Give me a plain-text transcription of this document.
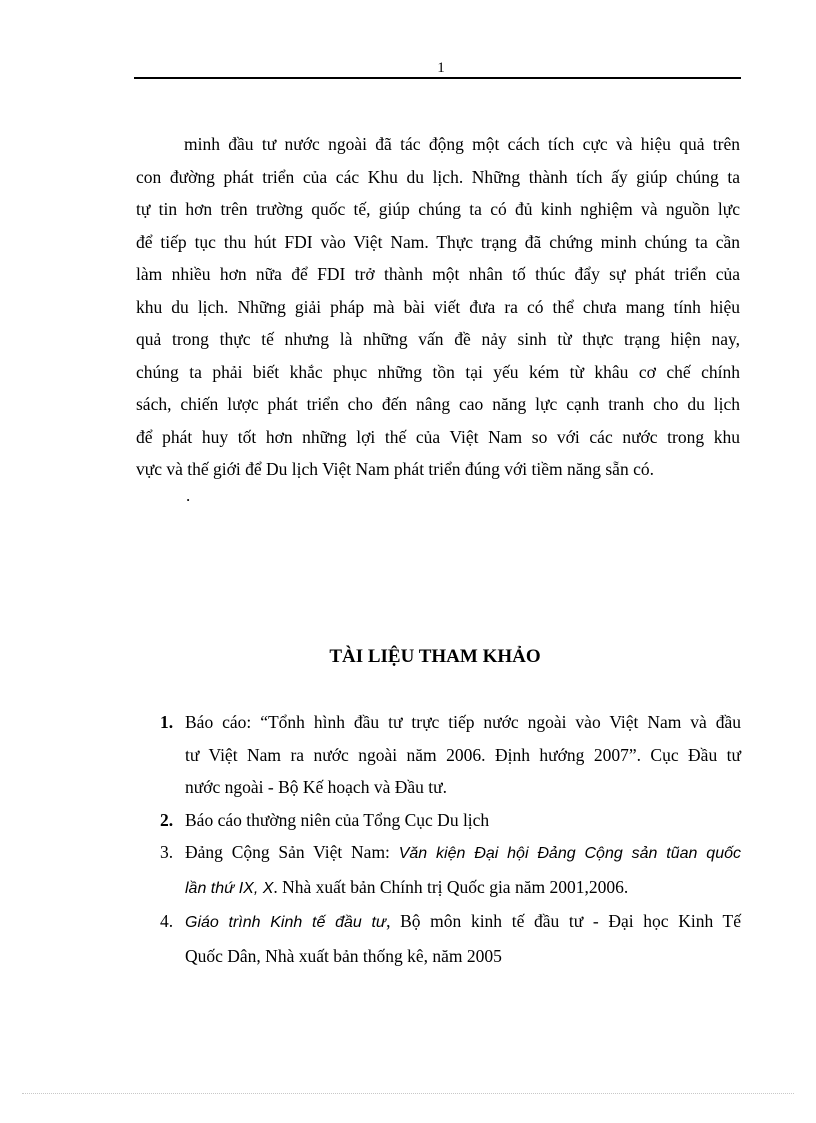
1
minh đầu tư nước ngoài đã tác động một cách tích cực và hiệu quả trên
con đường phát triển của các Khu du lịch. Những thành tích ấy giúp chúng ta
tự tin hơn trên trường quốc tế, giúp chúng ta có đủ kinh nghiệm và nguồn lực
để tiếp tục thu hút FDI vào Việt Nam. Thực trạng đã chứng minh chúng ta cần
làm nhiều hơn nữa để FDI trở thành một nhân tố thúc đẩy sự phát triển của
khu du lịch. Những giải pháp mà bài viết đưa ra có thể chưa mang tính hiệu
quả trong thực tế nhưng là những vấn đề nảy sinh từ thực trạng hiện nay,
chúng ta phải biết khắc phục những tồn tại yếu kém từ khâu cơ chế chính
sách, chiến lược phát triển cho đến nâng cao năng lực cạnh tranh cho du lịch
để phát huy tốt hơn những lợi thế của Việt Nam so với các nước trong khu
vực và thế giới để Du lịch Việt Nam phát triển đúng với tiềm năng sẵn có.
.
TÀI LIỆU THAM KHẢO
1. Báo cáo: “Tổnh hình đầu tư trực tiếp nước ngoài vào Việt Nam và đầu
tư Việt Nam ra nước ngoài năm 2006. Định hướng 2007”. Cục Đầu tư
nước ngoài - Bộ Kế hoạch và Đầu tư.
2. Báo cáo thường niên của Tổng Cục Du lịch
3. Đảng Cộng Sản Việt Nam: Văn kiện Đại hội Đảng Cộng sản tũan quốc
lần thứ IX, X. Nhà xuất bản Chính trị Quốc gia năm 2001,2006.
4. Giáo trình Kinh tế đầu tư, Bộ môn kinh tế đầu tư - Đại học Kinh Tế
Quốc Dân, Nhà xuất bản thống kê, năm 2005
